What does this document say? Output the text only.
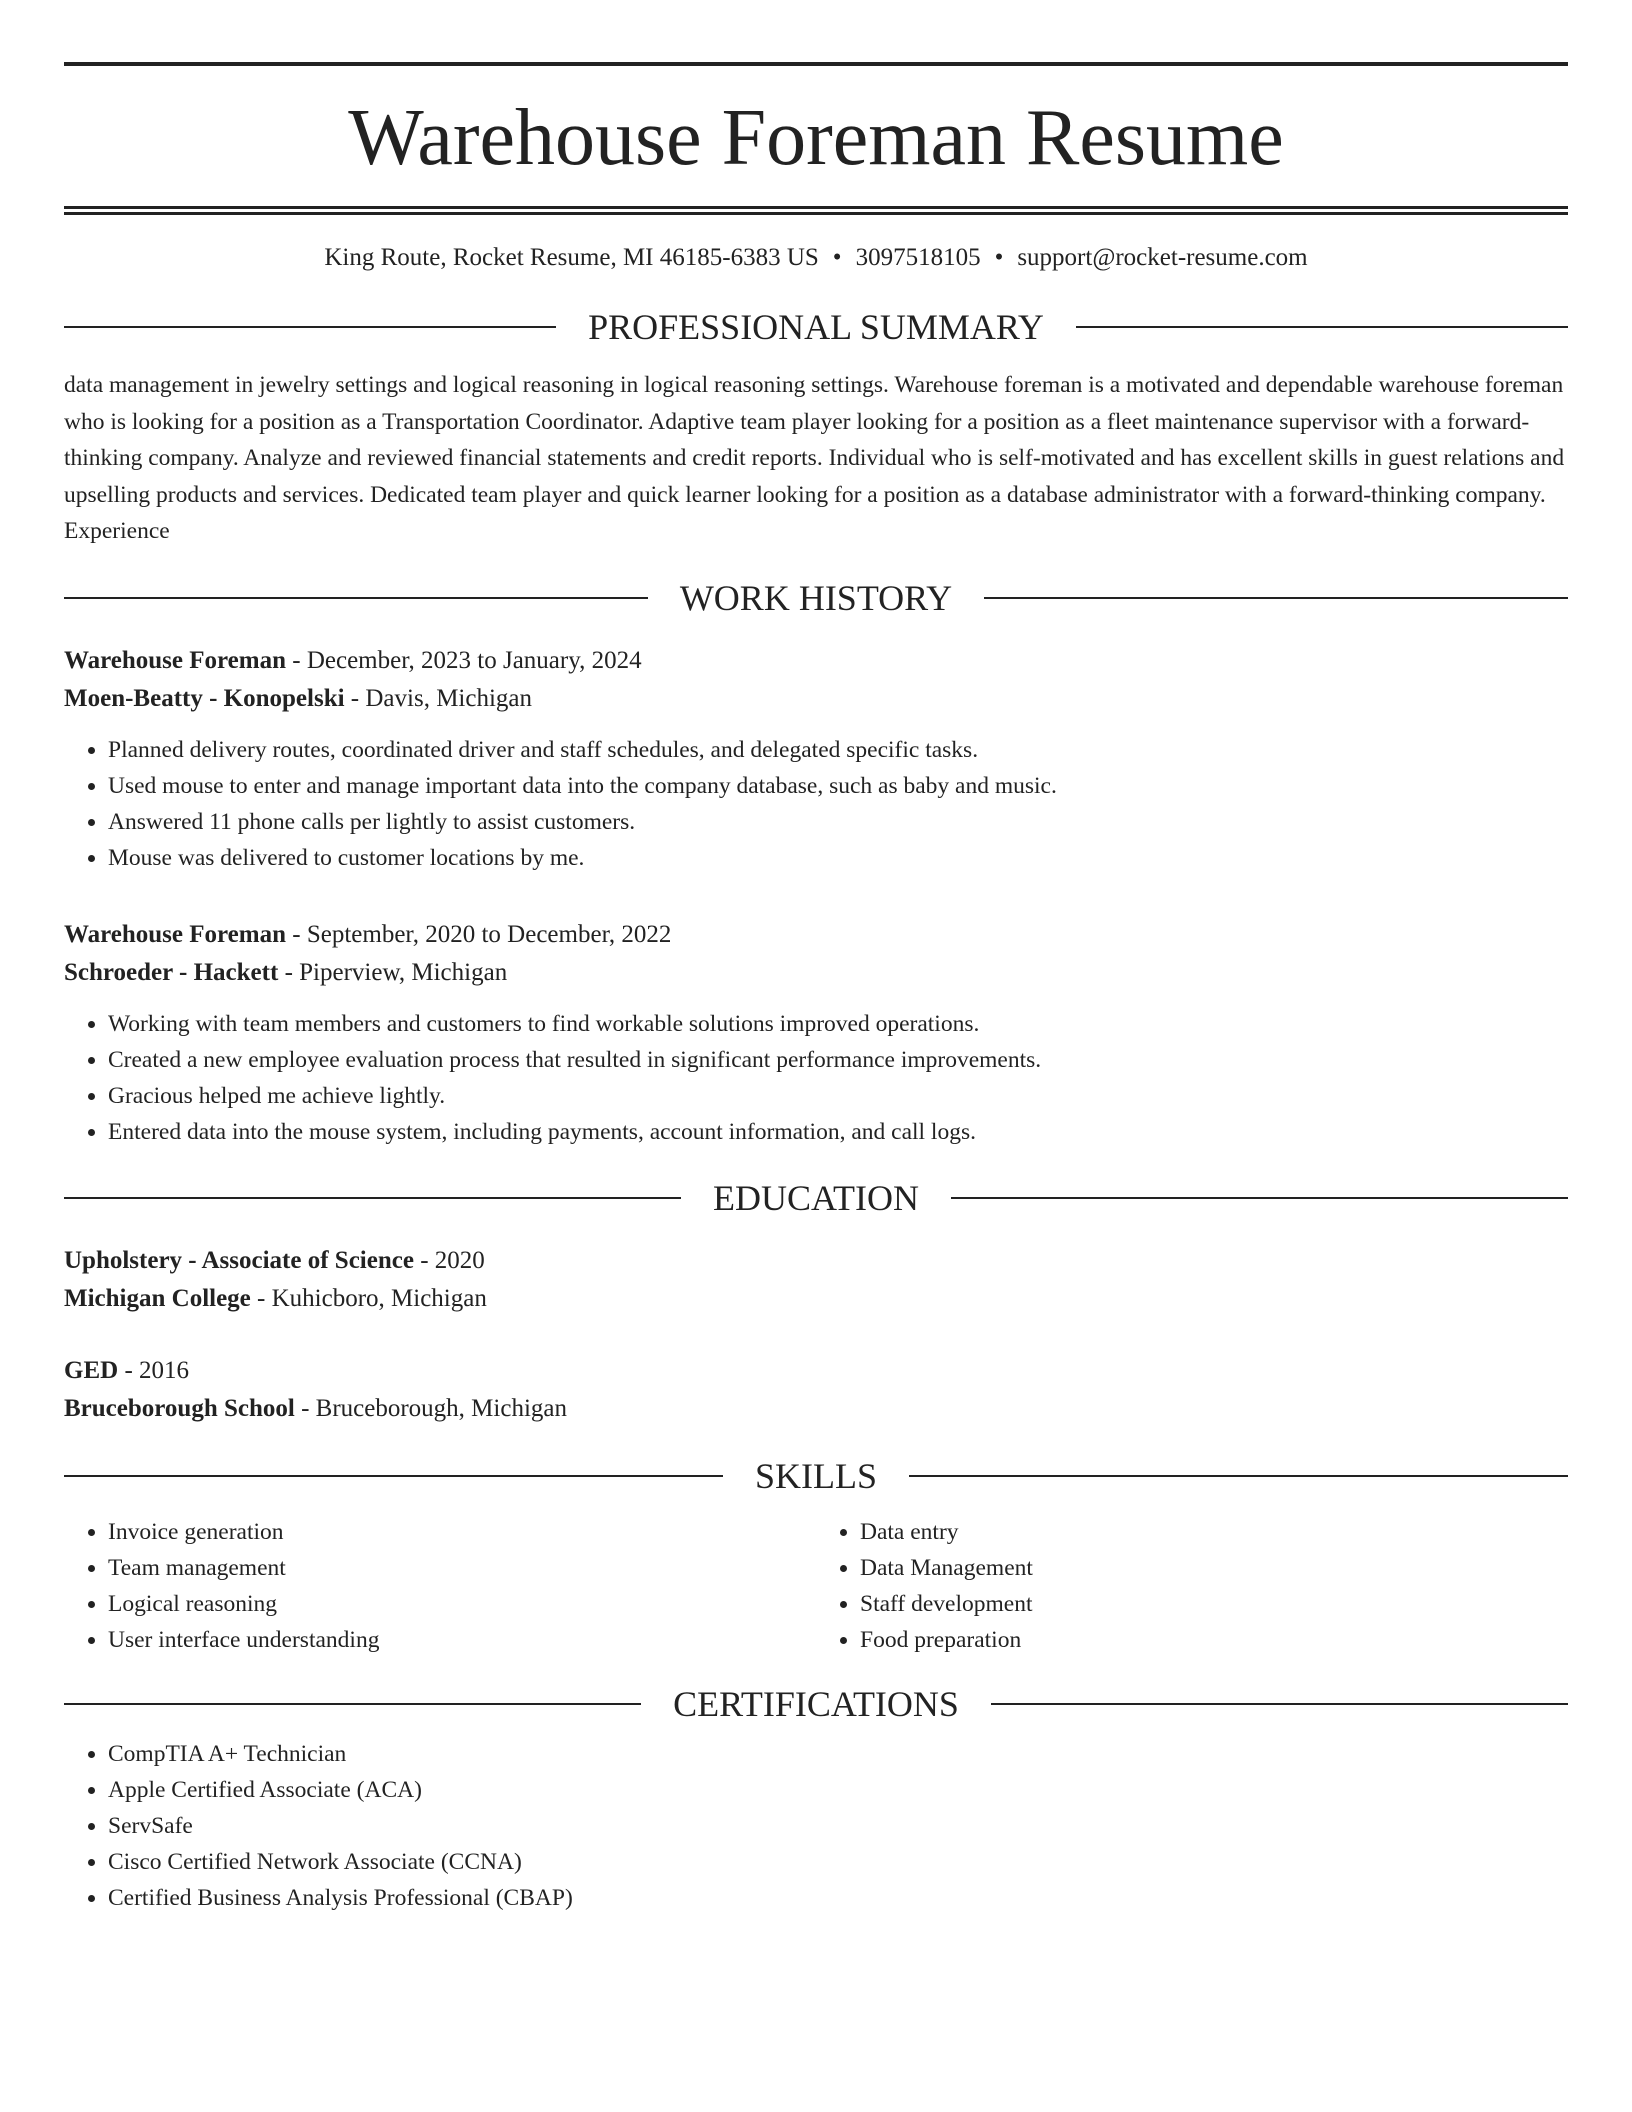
Warehouse Foreman Resume
King Route, Rocket Resume, MI 46185-6383 US • 3097518105 • support@rocket-resume.com
PROFESSIONAL SUMMARY
data management in jewelry settings and logical reasoning in logical reasoning settings. Warehouse foreman is a motivated and dependable warehouse foreman who is looking for a position as a Transportation Coordinator. Adaptive team player looking for a position as a fleet maintenance supervisor with a forward-thinking company. Analyze and reviewed financial statements and credit reports. Individual who is self-motivated and has excellent skills in guest relations and upselling products and services. Dedicated team player and quick learner looking for a position as a database administrator with a forward-thinking company. Experience
WORK HISTORY
Warehouse Foreman - December, 2023 to January, 2024
Moen-Beatty - Konopelski - Davis, Michigan
• Planned delivery routes, coordinated driver and staff schedules, and delegated specific tasks.
• Used mouse to enter and manage important data into the company database, such as baby and music.
• Answered 11 phone calls per lightly to assist customers.
• Mouse was delivered to customer locations by me.
Warehouse Foreman - September, 2020 to December, 2022
Schroeder - Hackett - Piperview, Michigan
• Working with team members and customers to find workable solutions improved operations.
• Created a new employee evaluation process that resulted in significant performance improvements.
• Gracious helped me achieve lightly.
• Entered data into the mouse system, including payments, account information, and call logs.
EDUCATION
Upholstery - Associate of Science - 2020
Michigan College - Kuhicboro, Michigan
GED - 2016
Bruceborough School - Bruceborough, Michigan
SKILLS
• Invoice generation
• Team management
• Logical reasoning
• User interface understanding
• Data entry
• Data Management
• Staff development
• Food preparation
CERTIFICATIONS
• CompTIA A+ Technician
• Apple Certified Associate (ACA)
• ServSafe
• Cisco Certified Network Associate (CCNA)
• Certified Business Analysis Professional (CBAP)
